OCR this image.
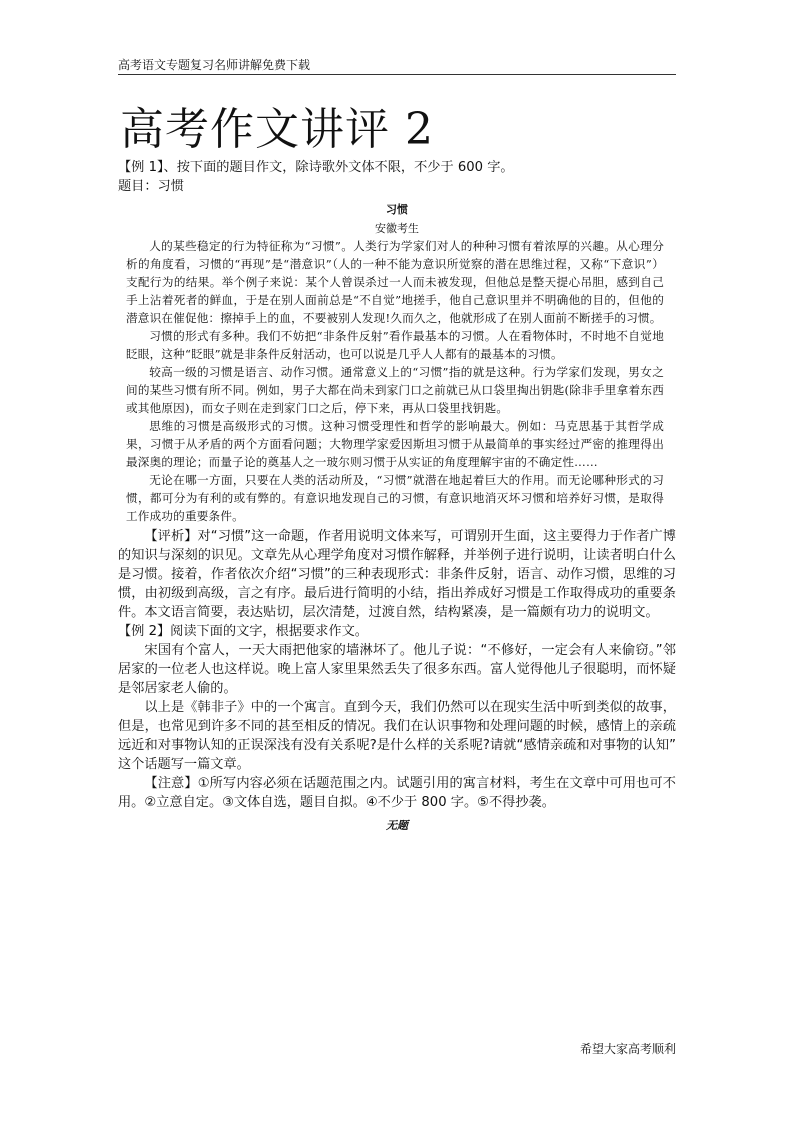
高考语文专题复习名师讲解免费下载
高考作文讲评 2

【例 1】、按下面的题目作文，除诗歌外文体不限，不少于 600 字。

题目：习惯

习惯
安徽考生

人的某些稳定的行为特征称为“习惯”。人类行为学家们对人的种种习惯有着浓厚的兴趣。从心理分析的角度看，习惯的“再现”是“潜意识”（人的一种不能为意识所觉察的潜在思维过程，又称“下意识”）支配行为的结果。举个例子来说：某个人曾误杀过一人而未被发现，但他总是整天提心吊胆，感到自己手上沾着死者的鲜血，于是在别人面前总是“不自觉”地搓手，他自己意识里并不明确他的目的，但他的潜意识在催促他：擦掉手上的血，不要被别人发现!久而久之，他就形成了在别人面前不断搓手的习惯。

习惯的形式有多种。我们不妨把“非条件反射”看作最基本的习惯。人在看物体时，不时地不自觉地眨眼，这种“眨眼”就是非条件反射活动，也可以说是几乎人人都有的最基本的习惯。

较高一级的习惯是语言、动作习惯。通常意义上的“习惯”指的就是这种。行为学家们发现，男女之间的某些习惯有所不同。例如，男子大都在尚未到家门口之前就已从口袋里掏出钥匙(除非手里拿着东西或其他原因)，而女子则在走到家门口之后，停下来，再从口袋里找钥匙。

思维的习惯是高级形式的习惯。这种习惯受理性和哲学的影响最大。例如：马克思基于其哲学成果，习惯于从矛盾的两个方面看问题；大物理学家爱因斯坦习惯于从最简单的事实经过严密的推理得出最深奥的理论；而量子论的奠基人之一玻尔则习惯于从实证的角度理解宇宙的不确定性……

无论在哪一方面，只要在人类的活动所及，“习惯”就潜在地起着巨大的作用。而无论哪种形式的习惯，都可分为有利的或有弊的。有意识地发现自己的习惯，有意识地消灭坏习惯和培养好习惯，是取得工作成功的重要条件。

【评析】对“习惯”这一命题，作者用说明文体来写，可谓别开生面，这主要得力于作者广博的知识与深刻的识见。文章先从心理学角度对习惯作解释，并举例子进行说明，让读者明白什么是习惯。接着，作者依次介绍“习惯”的三种表现形式：非条件反射，语言、动作习惯，思维的习惯，由初级到高级，言之有序。最后进行简明的小结，指出养成好习惯是工作取得成功的重要条件。本文语言简要，表达贴切，层次清楚，过渡自然，结构紧凑，是一篇颇有功力的说明文。

【例 2】阅读下面的文字，根据要求作文。

宋国有个富人，一天大雨把他家的墙淋坏了。他儿子说：“不修好，一定会有人来偷窃。”邻居家的一位老人也这样说。晚上富人家里果然丢失了很多东西。富人觉得他儿子很聪明，而怀疑是邻居家老人偷的。

以上是《韩非子》中的一个寓言。直到今天，我们仍然可以在现实生活中听到类似的故事，但是，也常见到许多不同的甚至相反的情况。我们在认识事物和处理问题的时候，感情上的亲疏远近和对事物认知的正误深浅有没有关系呢?是什么样的关系呢?请就“感情亲疏和对事物的认知” 这个话题写一篇文章。

【注意】①所写内容必须在话题范围之内。试题引用的寓言材料，考生在文章中可用也可不用。②立意自定。③文体自选，题目自拟。④不少于 800 字。⑤不得抄袭。

无题
希望大家高考顺利
